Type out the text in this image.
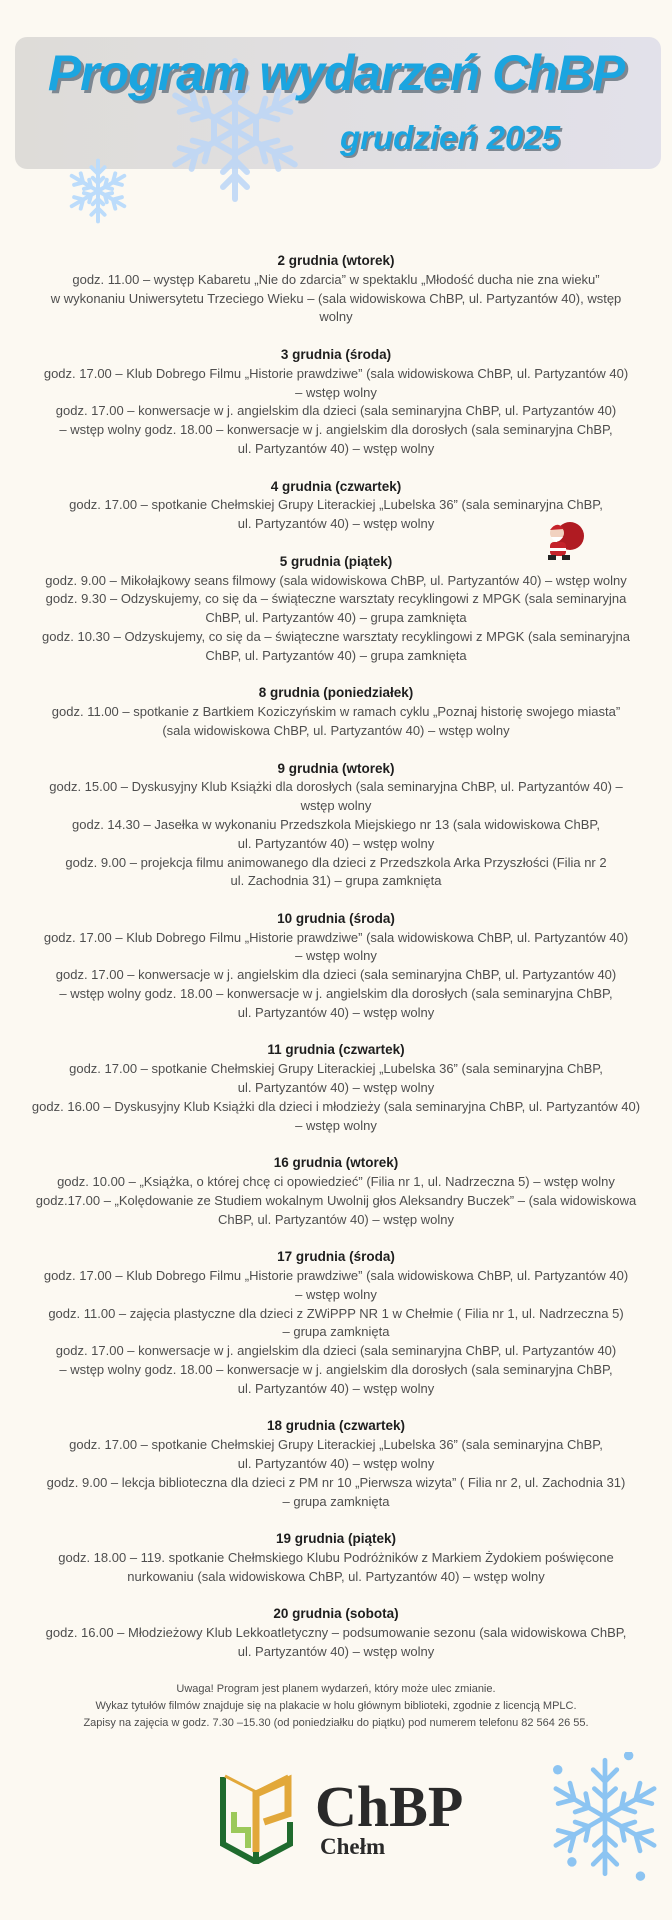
Program wydarzeń ChBP
grudzień 2025
2 grudnia (wtorek)
godz. 11.00 – występ Kabaretu „Nie do zdarcia” w spektaklu „Młodość ducha nie zna wieku”
w wykonaniu Uniwersytetu Trzeciego Wieku – (sala widowiskowa ChBP, ul. Partyzantów 40), wstęp
wolny
3 grudnia (środa)
godz. 17.00 – Klub Dobrego Filmu „Historie prawdziwe” (sala widowiskowa ChBP, ul. Partyzantów 40)
– wstęp wolny
godz. 17.00 – konwersacje w j. angielskim dla dzieci (sala seminaryjna ChBP, ul. Partyzantów 40)
– wstęp wolny godz. 18.00 – konwersacje w j. angielskim dla dorosłych (sala seminaryjna ChBP,
ul. Partyzantów 40) – wstęp wolny
4 grudnia (czwartek)
godz. 17.00 – spotkanie Chełmskiej Grupy Literackiej „Lubelska 36” (sala seminaryjna ChBP,
ul. Partyzantów 40) – wstęp wolny
5 grudnia (piątek)
godz. 9.00 – Mikołajkowy seans filmowy (sala widowiskowa ChBP, ul. Partyzantów 40) – wstęp wolny
godz. 9.30 – Odzyskujemy, co się da – świąteczne warsztaty recyklingowi z MPGK (sala seminaryjna
ChBP, ul. Partyzantów 40) – grupa zamknięta
godz. 10.30 – Odzyskujemy, co się da – świąteczne warsztaty recyklingowi z MPGK (sala seminaryjna
ChBP, ul. Partyzantów 40) – grupa zamknięta
8 grudnia (poniedziałek)
godz. 11.00 – spotkanie z Bartkiem Koziczyńskim w ramach cyklu „Poznaj historię swojego miasta”
(sala widowiskowa ChBP, ul. Partyzantów 40) – wstęp wolny
9 grudnia (wtorek)
godz. 15.00 – Dyskusyjny Klub Książki dla dorosłych (sala seminaryjna ChBP, ul. Partyzantów 40) –
wstęp wolny
godz. 14.30 – Jasełka w wykonaniu Przedszkola Miejskiego nr 13 (sala widowiskowa ChBP,
ul. Partyzantów 40) – wstęp wolny
godz. 9.00 – projekcja filmu animowanego dla dzieci z Przedszkola Arka Przyszłości (Filia nr 2
ul. Zachodnia 31) – grupa zamknięta
10 grudnia (środa)
godz. 17.00 – Klub Dobrego Filmu „Historie prawdziwe” (sala widowiskowa ChBP, ul. Partyzantów 40)
– wstęp wolny
godz. 17.00 – konwersacje w j. angielskim dla dzieci (sala seminaryjna ChBP, ul. Partyzantów 40)
– wstęp wolny godz. 18.00 – konwersacje w j. angielskim dla dorosłych (sala seminaryjna ChBP,
ul. Partyzantów 40) – wstęp wolny
11 grudnia (czwartek)
godz. 17.00 – spotkanie Chełmskiej Grupy Literackiej „Lubelska 36” (sala seminaryjna ChBP,
ul. Partyzantów 40) – wstęp wolny
godz. 16.00 – Dyskusyjny Klub Książki dla dzieci i młodzieży (sala seminaryjna ChBP, ul. Partyzantów 40)
– wstęp wolny
16 grudnia (wtorek)
godz. 10.00 – „Książka, o której chcę ci opowiedzieć” (Filia nr 1, ul. Nadrzeczna 5) – wstęp wolny
godz.17.00 – „Kolędowanie ze Studiem wokalnym Uwolnij głos Aleksandry Buczek” – (sala widowiskowa
ChBP, ul. Partyzantów 40) – wstęp wolny
17 grudnia (środa)
godz. 17.00 – Klub Dobrego Filmu „Historie prawdziwe” (sala widowiskowa ChBP, ul. Partyzantów 40)
– wstęp wolny
godz. 11.00 – zajęcia plastyczne dla dzieci z ZWiPPP NR 1 w Chełmie ( Filia nr 1, ul. Nadrzeczna 5)
– grupa zamknięta
godz. 17.00 – konwersacje w j. angielskim dla dzieci (sala seminaryjna ChBP, ul. Partyzantów 40)
– wstęp wolny godz. 18.00 – konwersacje w j. angielskim dla dorosłych (sala seminaryjna ChBP,
ul. Partyzantów 40) – wstęp wolny
18 grudnia (czwartek)
godz. 17.00 – spotkanie Chełmskiej Grupy Literackiej „Lubelska 36” (sala seminaryjna ChBP,
ul. Partyzantów 40) – wstęp wolny
godz. 9.00 – lekcja biblioteczna dla dzieci z PM nr 10 „Pierwsza wizyta” ( Filia nr 2, ul. Zachodnia 31)
– grupa zamknięta
19 grudnia (piątek)
godz. 18.00 – 119. spotkanie Chełmskiego Klubu Podróżników z Markiem Żydokiem poświęcone
nurkowaniu (sala widowiskowa ChBP, ul. Partyzantów 40) – wstęp wolny
20 grudnia (sobota)
godz. 16.00 – Młodzieżowy Klub Lekkoatletyczny – podsumowanie sezonu (sala widowiskowa ChBP,
ul. Partyzantów 40) – wstęp wolny
Uwaga! Program jest planem wydarzeń, który może ulec zmianie.
Wykaz tytułów filmów znajduje się na plakacie w holu głównym biblioteki, zgodnie z licencją MPLC.
Zapisy na zajęcia w godz. 7.30 –15.30 (od poniedziałku do piątku) pod numerem telefonu 82 564 26 55.
ChBP
Chełm
